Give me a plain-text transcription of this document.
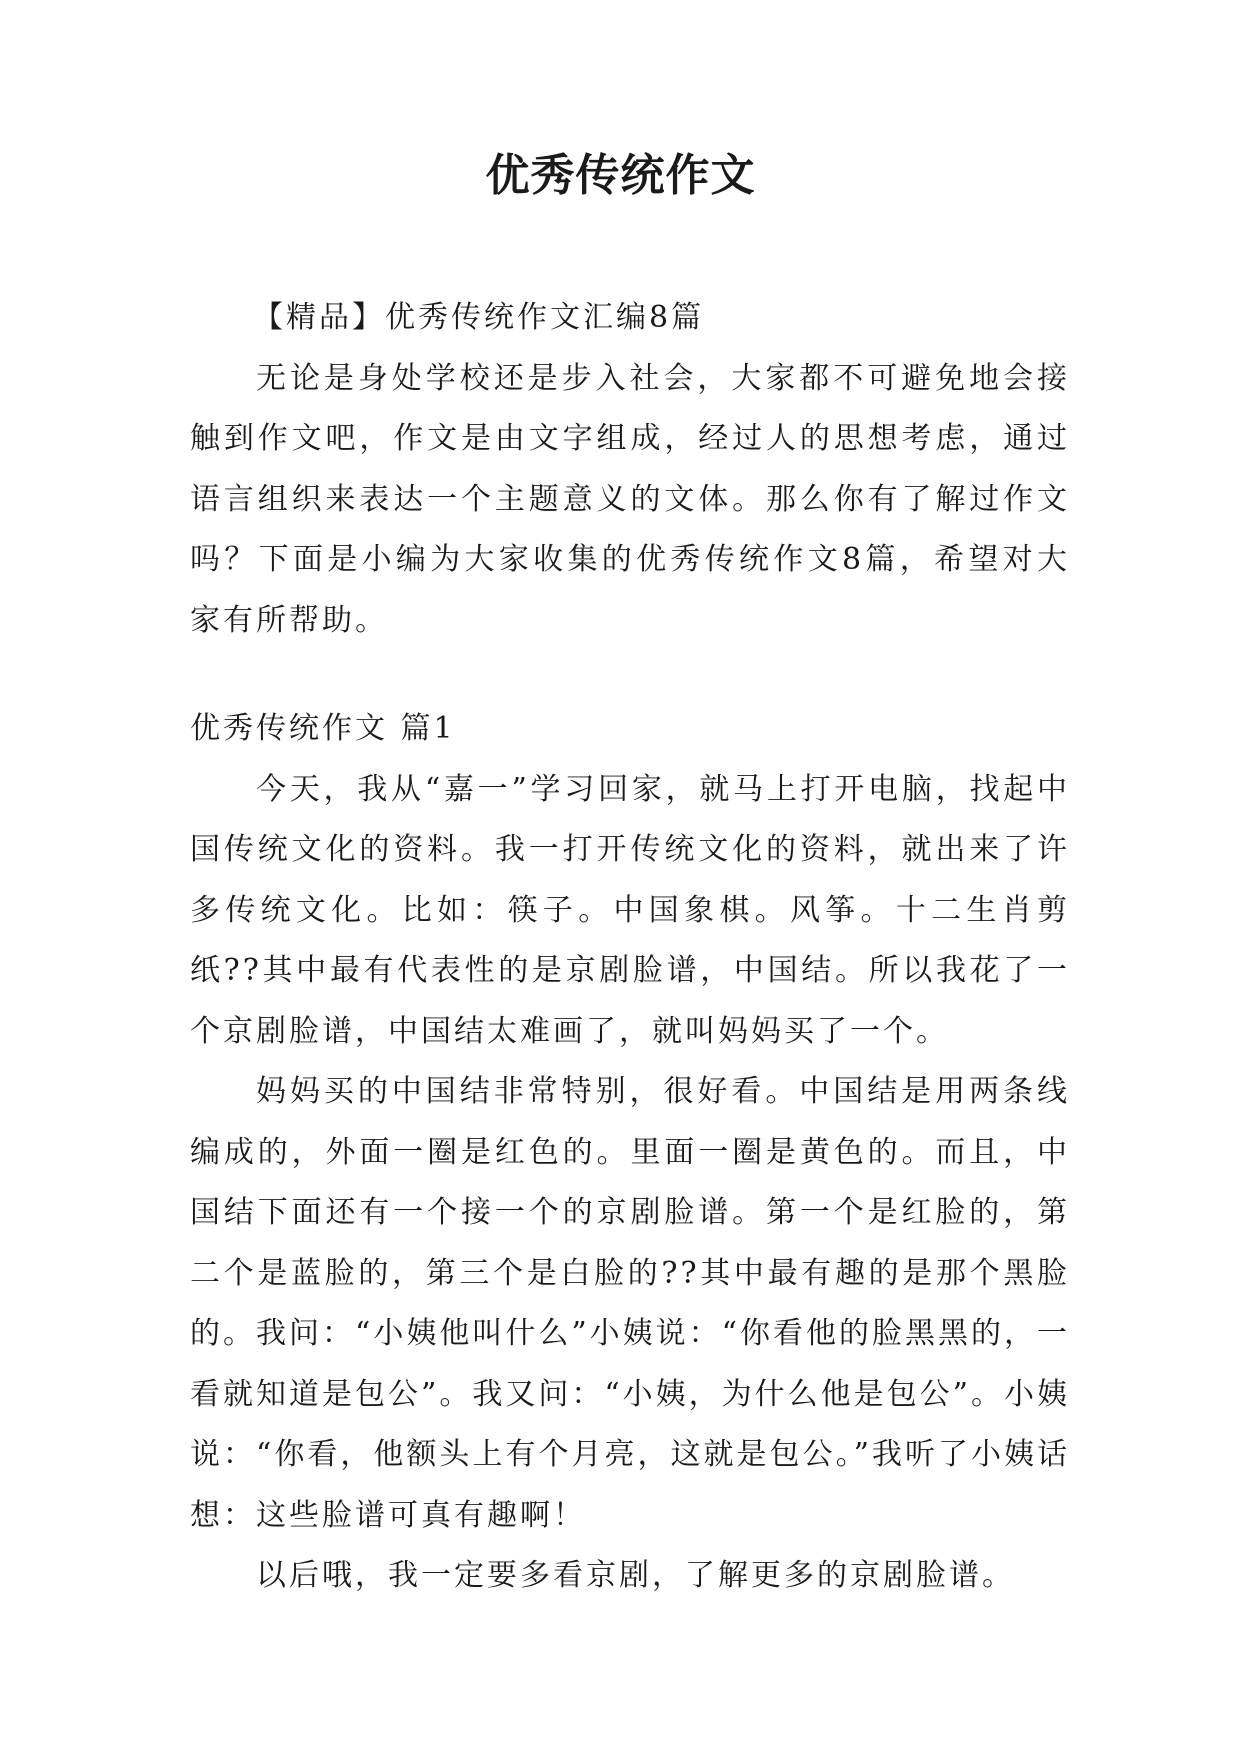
优秀传统作文

【精品】优秀传统作文汇编8篇

无论是身处学校还是步入社会，大家都不可避免地会接触到作文吧，作文是由文字组成，经过人的思想考虑，通过语言组织来表达一个主题意义的文体。那么你有了解过作文吗？下面是小编为大家收集的优秀传统作文8篇，希望对大家有所帮助。

优秀传统作文 篇1

今天，我从“嘉一”学习回家，就马上打开电脑，找起中国传统文化的资料。我一打开传统文化的资料，就出来了许多传统文化。比如：筷子。中国象棋。风筝。十二生肖剪纸??其中最有代表性的是京剧脸谱，中国结。所以我花了一个京剧脸谱，中国结太难画了，就叫妈妈买了一个。

妈妈买的中国结非常特别，很好看。中国结是用两条线编成的，外面一圈是红色的。里面一圈是黄色的。而且，中国结下面还有一个接一个的京剧脸谱。第一个是红脸的，第二个是蓝脸的，第三个是白脸的??其中最有趣的是那个黑脸的。我问：“小姨他叫什么”小姨说：“你看他的脸黑黑的，一看就知道是包公”。我又问：“小姨，为什么他是包公”。小姨说：“你看，他额头上有个月亮，这就是包公。”我听了小姨话想：这些脸谱可真有趣啊！

以后哦，我一定要多看京剧，了解更多的京剧脸谱。
